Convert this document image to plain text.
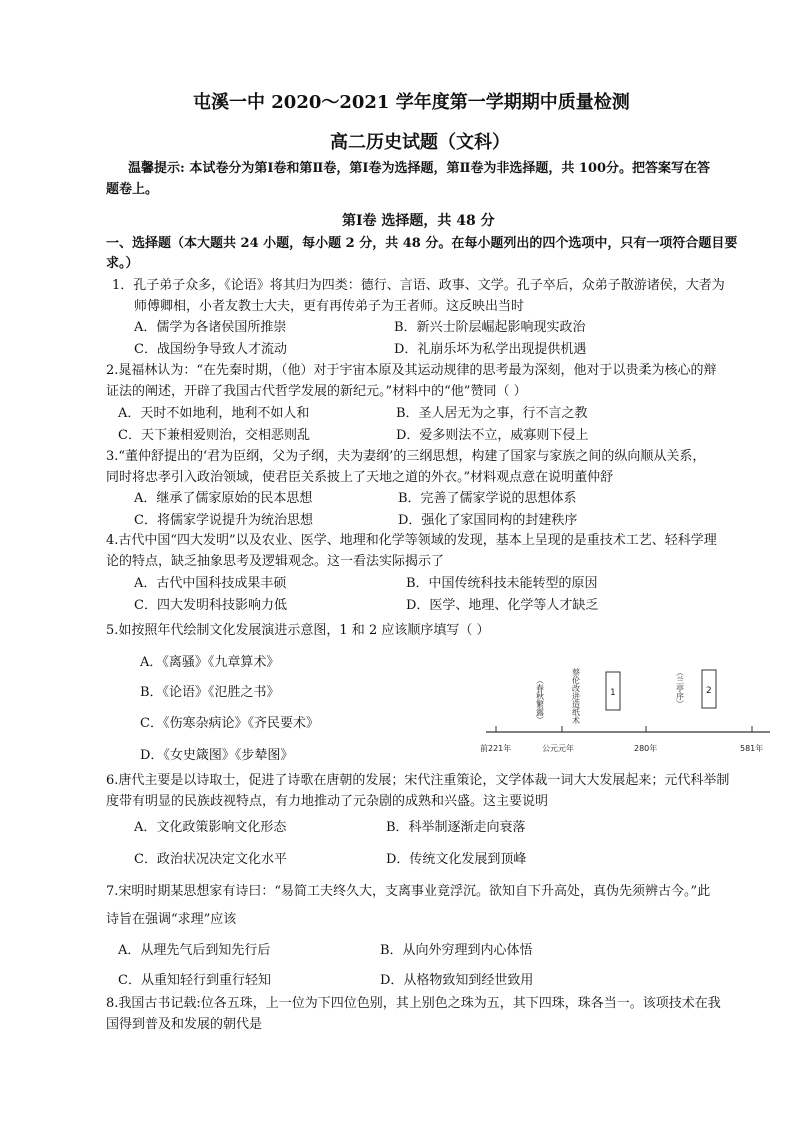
屯溪一中 2020～2021 学年度第一学期期中质量检测
高二历史试题（文科）
温馨提示: 本试卷分为第Ⅰ卷和第Ⅱ卷，第Ⅰ卷为选择题，第Ⅱ卷为非选择题，共 100分。把答案写在答
题卷上。
第Ⅰ卷 选择题，共 48 分
一、选择题（本大题共 24 小题，每小题 2 分，共 48 分。在每小题列出的四个选项中，只有一项符合题目要
求。）
1．孔子弟子众多，《论语》将其归为四类：德行、言语、政事、文学。孔子卒后，众弟子散游诸侯，大者为
师傅卿相，小者友教士大夫，更有再传弟子为王者师。这反映出当时
A．儒学为各诸侯国所推崇	B．新兴士阶层崛起影响现实政治
C．战国纷争导致人才流动	D．礼崩乐坏为私学出现提供机遇
2.晁福林认为：“在先秦时期，（他）对于宇宙本原及其运动规律的思考最为深刻，他对于以贵柔为核心的辩
证法的阐述，开辟了我国古代哲学发展的新纪元。”材料中的“他”赞同（ ）
A．天时不如地利，地利不如人和	B．圣人居无为之事，行不言之教
C．天下兼相爱则治，交相恶则乱	D．爱多则法不立，威寡则下侵上
3.“董仲舒提出的‘君为臣纲，父为子纲，夫为妻纲’的三纲思想，构建了国家与家族之间的纵向顺从关系，
同时将忠孝引入政治领域，使君臣关系披上了天地之道的外衣。”材料观点意在说明董仲舒
A．继承了儒家原始的民本思想	B．完善了儒家学说的思想体系
C．将儒家学说提升为统治思想	D．强化了家国同构的封建秩序
4.古代中国“四大发明”以及农业、医学、地理和化学等领域的发现，基本上呈现的是重技术工艺、轻科学理
论的特点，缺乏抽象思考及逻辑观念。这一看法实际揭示了
A．古代中国科技成果丰硕	B．中国传统科技未能转型的原因
C．四大发明科技影响力低	D．医学、地理、化学等人才缺乏
5.如按照年代绘制文化发展演进示意图，1 和 2 应该顺序填写（ ）
A．《离骚》《九章算术》
B．《论语》《氾胜之书》
C．《伤寒杂病论》《齐民要术》
D．《女史箴图》《步辇图》	前221年	公元元年	280年	581年
（春秋繁露）	蔡伦改进造纸术	（兰亭序）
1	2
6.唐代主要是以诗取士，促进了诗歌在唐朝的发展；宋代注重策论，文学体裁一词大大发展起来；元代科举制
度带有明显的民族歧视特点，有力地推动了元杂剧的成熟和兴盛。这主要说明
A．文化政策影响文化形态	B．科举制逐渐走向衰落
C．政治状况决定文化水平	D．传统文化发展到顶峰
7.宋明时期某思想家有诗曰：“易简工夫终久大，支离事业竟浮沉。欲知自下升高处，真伪先须辨古今。”此
诗旨在强调“求理”应该
A．从理先气后到知先行后	B．从向外穷理到内心体悟
C．从重知轻行到重行轻知	D．从格物致知到经世致用
8.我国古书记载:位各五珠，上一位为下四位色别，其上别色之珠为五，其下四珠，珠各当一。该项技术在我
国得到普及和发展的朝代是
